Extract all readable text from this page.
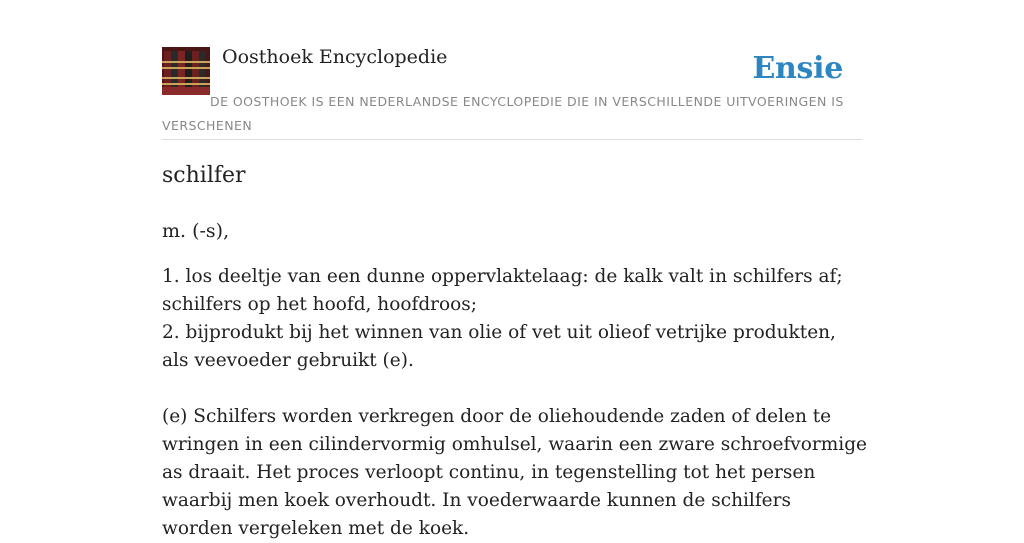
Oosthoek Encyclopedie	Ensie
DE OOSTHOEK IS EEN NEDERLANDSE ENCYCLOPEDIE DIE IN VERSCHILLENDE UITVOERINGEN IS VERSCHENEN
schilfer
m. (-s),

1. los deeltje van een dunne oppervlaktelaag: de kalk valt in schilfers af; schilfers op het hoofd, hoofdroos;

2. bijprodukt bij het winnen van olie of vet uit olieof vetrijke produkten, als veevoeder gebruikt (e).

(e) Schilfers worden verkregen door de oliehoudende zaden of delen te wringen in een cilindervormig omhulsel, waarin een zware schroefvormige as draait. Het proces verloopt continu, in tegenstelling tot het persen waarbij men koek overhoudt. In voederwaarde kunnen de schilfers worden vergeleken met de koek.
